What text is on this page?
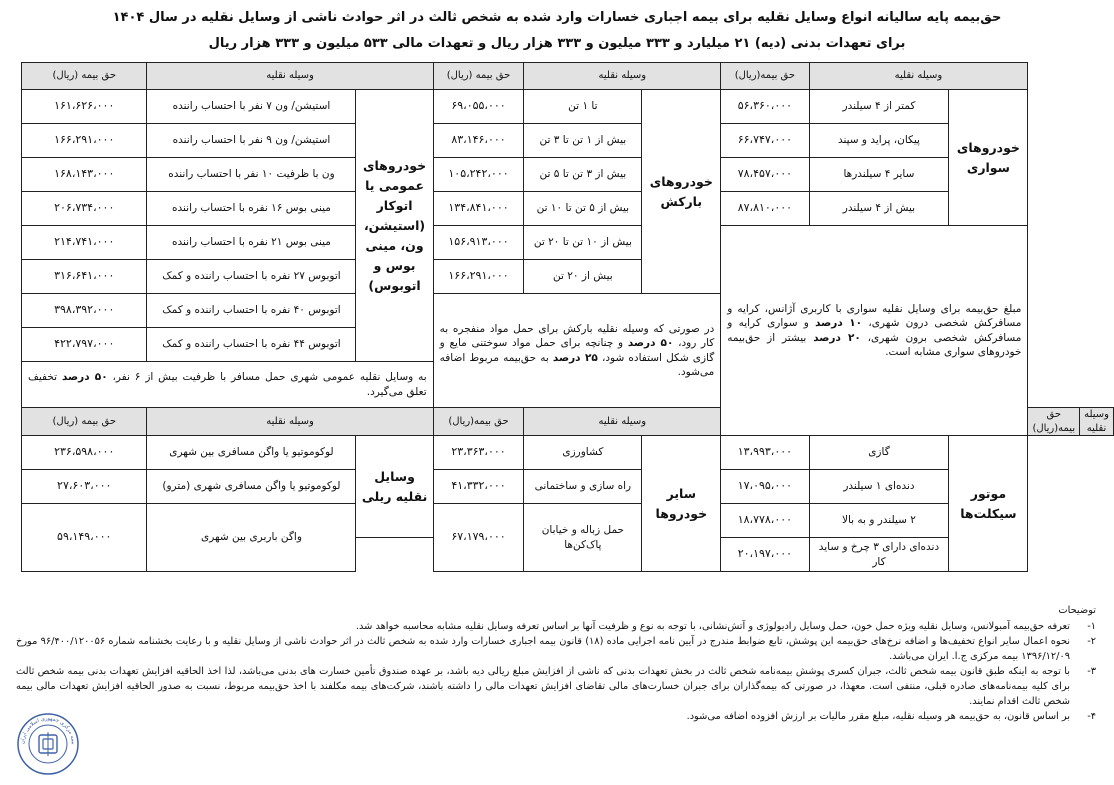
حق‌بیمه پایه سالیانه انواع وسایل نقلیه برای بیمه اجباری خسارات وارد شده به شخص ثالث در اثر حوادث ناشی از وسایل نقلیه در سال ۱۴۰۴
برای تعهدات بدنی (دیه) ۲۱ میلیارد و ۳۳۳ میلیون و ۳۳۳ هزار ریال و تعهدات مالی ۵۳۳ میلیون و ۳۳۳ هزار ریال
حق بیمه (ریال)	وسیله نقلیه		حق بیمه (ریال)	وسیله نقلیه		حق بیمه(ریال)	وسیله نقلیه			
۱۶۱،۶۲۶،۰۰۰	استیشن/ ون ۷ نفر با احتساب راننده	خودروهای عمومی یا اتوکار (استیشن، ون، مینی بوس و اتوبوس)	۶۹،۰۵۵،۰۰۰	تا ۱ تن	خودروهای بارکش	۵۶،۳۶۰،۰۰۰	کمتر از ۴ سیلندر	خودروهای سواری		
۱۶۶،۲۹۱،۰۰۰	استیشن/ ون ۹ نفر با احتساب راننده		۸۳،۱۴۶،۰۰۰	بیش از ۱ تن تا ۳ تن		۶۶،۷۴۷،۰۰۰	پیکان، پراید و سپند			
۱۶۸،۱۴۳،۰۰۰	ون با ظرفیت ۱۰ نفر با احتساب راننده		۱۰۵،۲۴۲،۰۰۰	بیش از ۳ تن تا ۵ تن		۷۸،۴۵۷،۰۰۰	سایر ۴ سیلندرها			
۲۰۶،۷۳۴،۰۰۰	مینی بوس ۱۶ نفره با احتساب راننده		۱۳۴،۸۴۱،۰۰۰	بیش از ۵ تن تا ۱۰ تن		۸۷،۸۱۰،۰۰۰	بیش از ۴ سیلندر			
۲۱۴،۷۴۱،۰۰۰	مینی بوس ۲۱ نفره با احتساب راننده		۱۵۶،۹۱۳،۰۰۰	بیش از ۱۰ تن تا ۲۰ تن		مبلغ حق‌بیمه برای وسایل نقلیه سواری با کاربری آژانس، کرایه و مسافرکش شخصی درون شهری، ۱۰ درصد و سواری کرایه و مسافرکش شخصی برون شهری، ۲۰ درصد بیشتر از حق‌بیمه خودروهای سواری مشابه است.				
۳۱۶،۶۴۱،۰۰۰	اتوبوس ۲۷ نفره با احتساب راننده و کمک		۱۶۶،۲۹۱،۰۰۰	بیش از ۲۰ تن						
۳۹۸،۳۹۲،۰۰۰	اتوبوس ۴۰ نفره با احتساب راننده و کمک		در صورتی که وسیله نقلیه بارکش برای حمل مواد منفجره به کار رود، ۵۰ درصد و چنانچه برای حمل مواد سوختنی مایع و گازی شکل استفاده شود، ۲۵ درصد به حق‌بیمه مربوط اضافه می‌شود.							
۴۲۲،۷۹۷،۰۰۰	اتوبوس ۴۴ نفره با احتساب راننده و کمک									
به وسایل نقلیه عمومی شهری حمل مسافر با ظرفیت بیش از ۶ نفر، ۵۰ درصد تخفیف تعلق می‌گیرد.										
حق بیمه (ریال)	وسیله نقلیه		حق بیمه(ریال)	وسیله نقلیه					حق بیمه(ریال)	وسیله نقلیه
۲۳۶،۵۹۸،۰۰۰	لوکوموتیو یا واگن مسافری بین شهری	وسایل نقلیه ریلی	۲۳،۳۶۳،۰۰۰	کشاورزی	سایر خودروها	۱۳،۹۹۳،۰۰۰	گازی	موتور سیکلت‌ها		
۲۷،۶۰۳،۰۰۰	لوکوموتیو یا واگن مسافری شهری (مترو)		۴۱،۳۳۲،۰۰۰	راه سازی و ساختمانی		۱۷،۰۹۵،۰۰۰	دنده‌ای ۱ سیلندر			
۵۹،۱۴۹،۰۰۰	واگن باربری بین شهری		۶۷،۱۷۹،۰۰۰	حمل زباله و خیابان پاک‌کن‌ها		۱۸،۷۷۸،۰۰۰	۲ سیلندر و به بالا			
						۲۰،۱۹۷،۰۰۰	دنده‌ای دارای ۳ چرخ و ساید کار			
توضیحات
۱-
تعرفه حق‌بیمه آمبولانس، وسایل نقلیه ویژه حمل خون، حمل وسایل رادیولوژی و آتش‌نشانی، با توجه به نوع و ظرفیت آنها بر اساس تعرفه وسایل نقلیه مشابه محاسبه خواهد شد.
۲-
نحوه اعمال سایر انواع تخفیف‌ها و اضافه نرخ‌های حق‌بیمه این پوشش، تابع ضوابط مندرج در آیین نامه اجرایی ماده (۱۸) قانون بیمه اجباری خسارات وارد شده به شخص ثالث در اثر حوادث ناشی از وسایل نقلیه و با رعایت بخشنامه شماره ۹۶/۴۰۰/۱۲۰۰۵۶ مورخ ۱۳۹۶/۱۲/۰۹ بیمه مرکزی ج.ا. ایران می‌باشد.
۳-
با توجه به اینکه طبق قانون بیمه شخص ثالث، جبران کسری پوشش بیمه‌نامه شخص ثالث در بخش تعهدات بدنی که ناشی از افزایش مبلغ ریالی دیه باشد، بر عهده صندوق تأمین خسارت های بدنی می‌باشد، لذا اخذ الحاقیه افزایش تعهدات بدنی بیمه شخص ثالث برای کلیه بیمه‌نامه‌های صادره قبلی، منتفی است. معهذا، در صورتی که بیمه‌گذاران برای جبران خسارت‌های مالی تقاضای افزایش تعهدات مالی را داشته باشند، شرکت‌های بیمه مکلفند با اخذ حق‌بیمه مربوط، نسبت به صدور الحاقیه افزایش تعهدات مالی بیمه شخص ثالث اقدام نمایند.
۴-
بر اساس قانون، به حق‌بیمه هر وسیله نقلیه، مبلغ مقرر مالیات بر ارزش افزوده اضافه می‌شود.
بیمه مرکزی جمهوری اسلامی ایران
